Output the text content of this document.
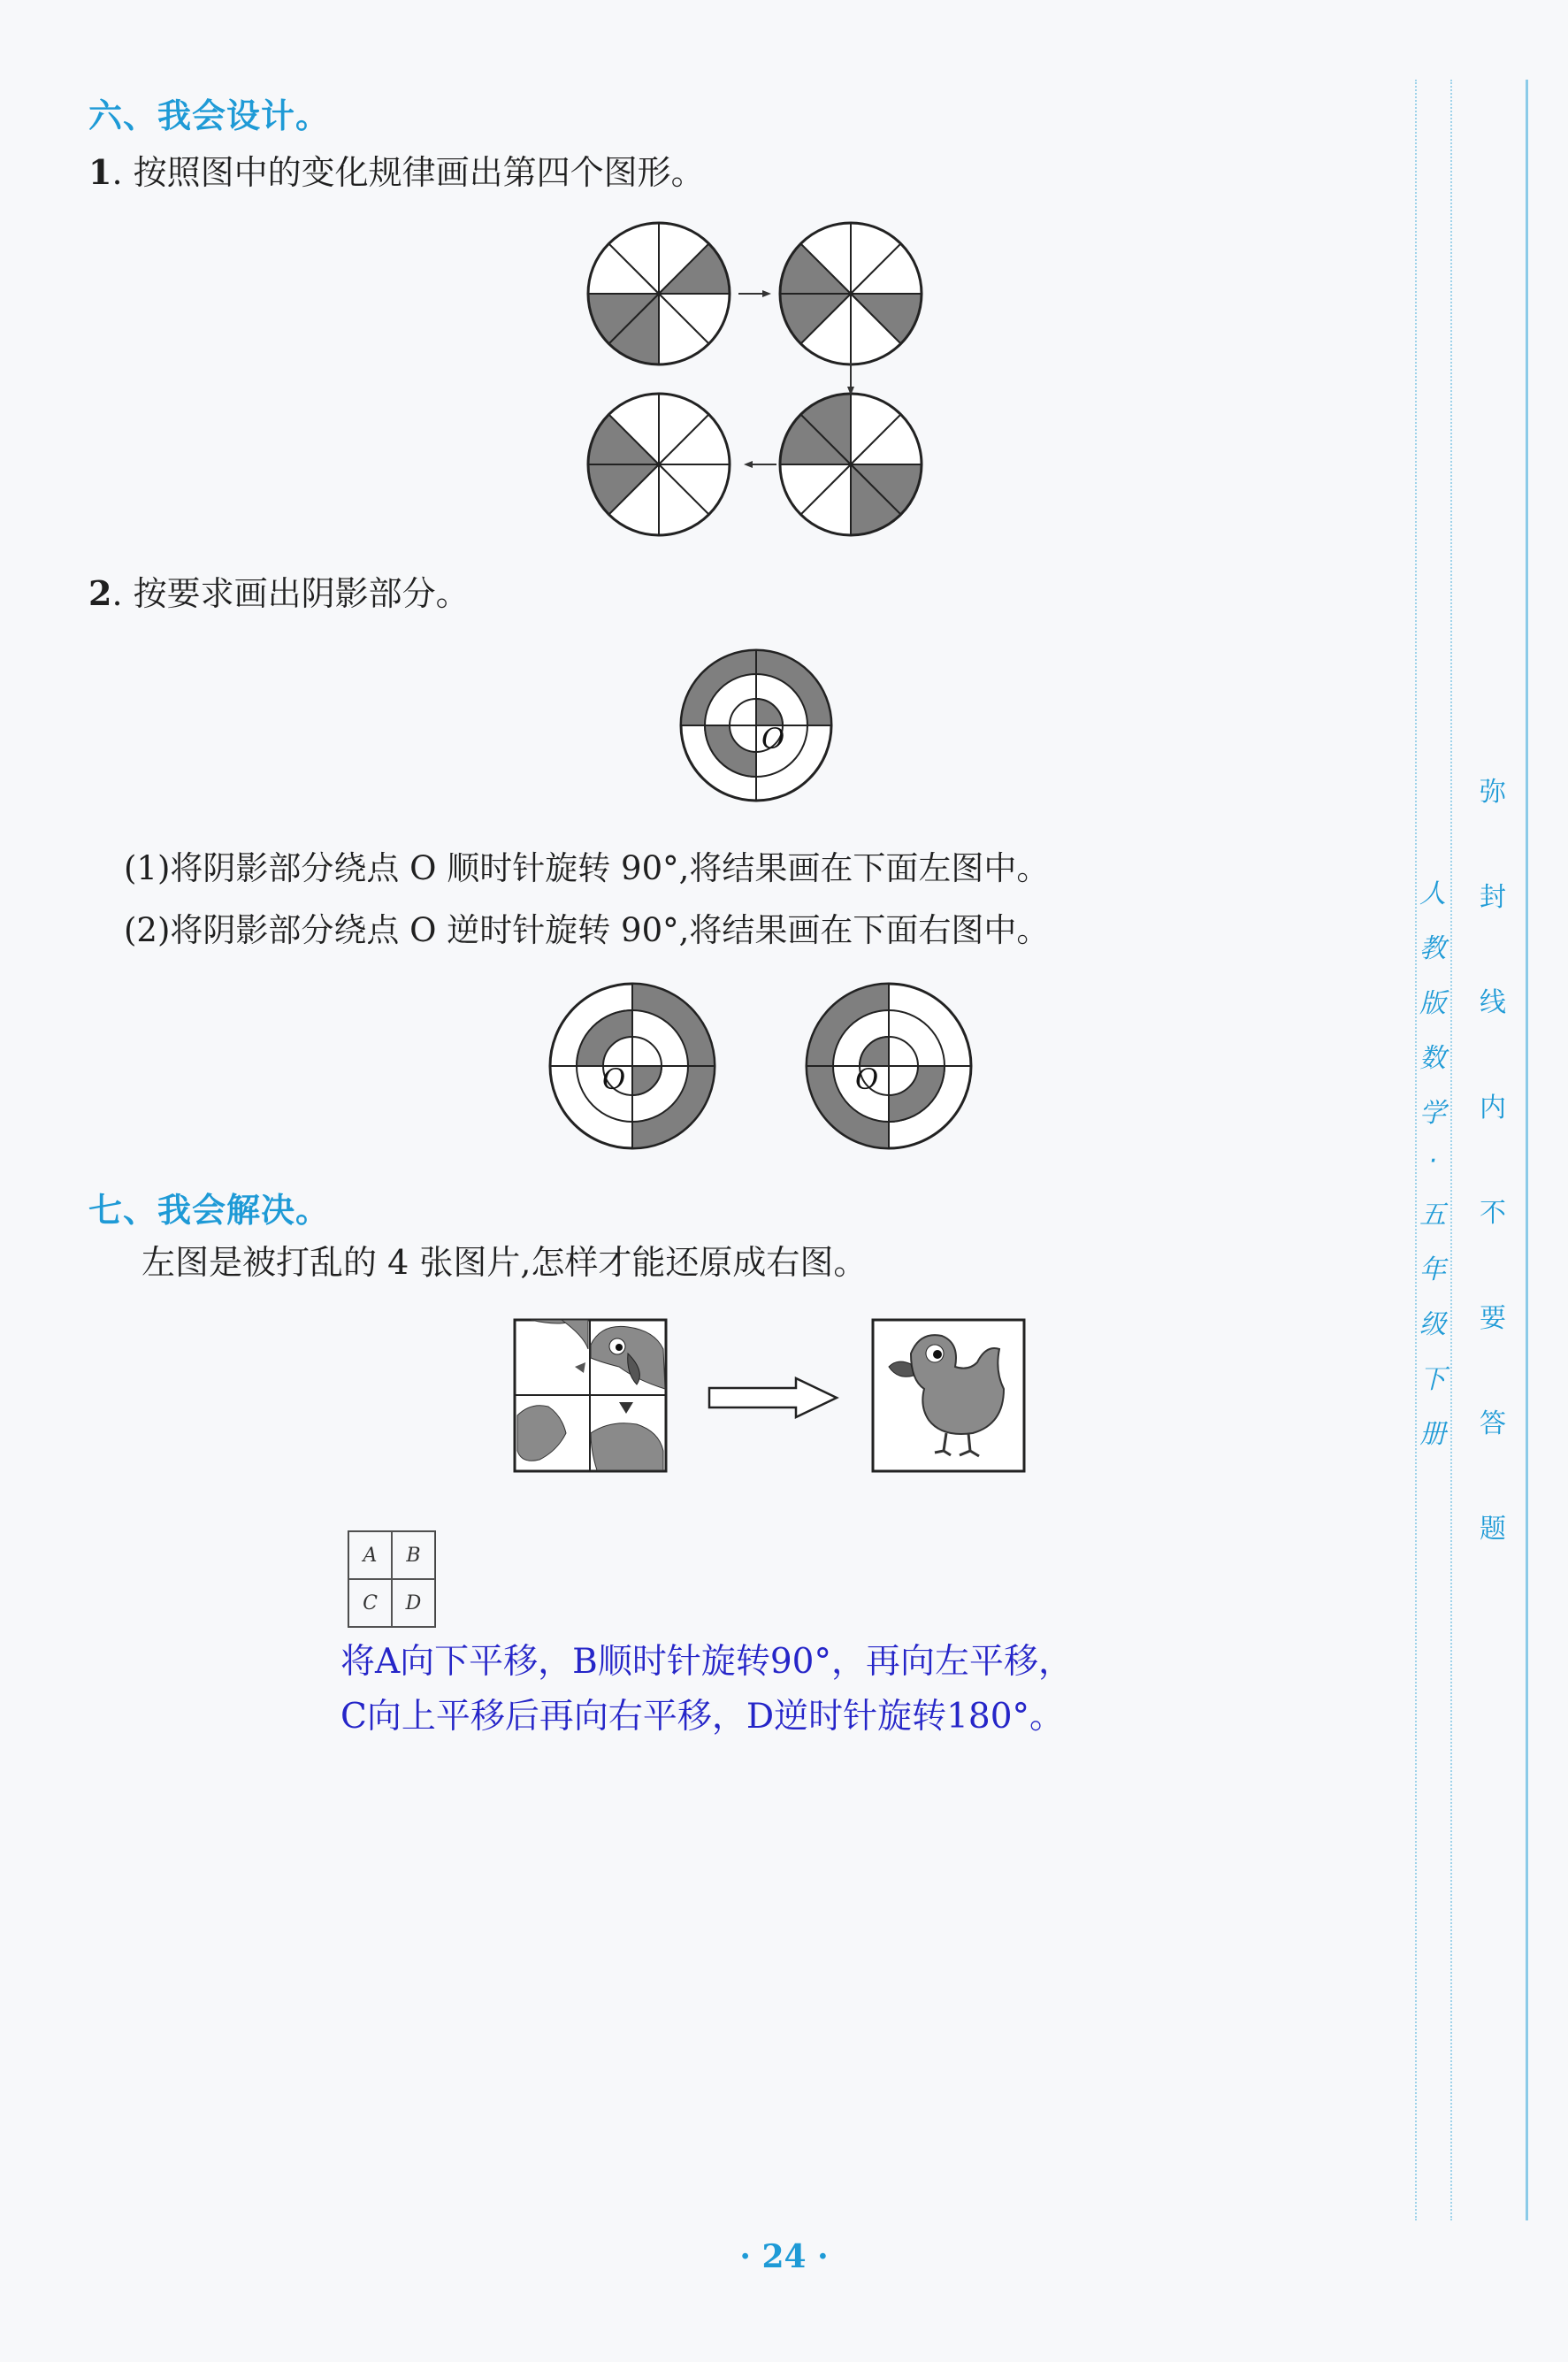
六、我会设计。
1. 按照图中的变化规律画出第四个图形。
2. 按要求画出阴影部分。
O
(1)将阴影部分绕点 O 顺时针旋转 90°,将结果画在下面左图中。
(2)将阴影部分绕点 O 逆时针旋转 90°,将结果画在下面右图中。
O	O
七、我会解决。
左图是被打乱的 4 张图片,怎样才能还原成右图。
A	B
C	D
将A向下平移，B顺时针旋转90°，再向左平移，
C向上平移后再向右平移，D逆时针旋转180°。
人
教
版
数
学
·
五
年
级
下
册
弥
封
线
内
不
要
答
题
· 24 ·
